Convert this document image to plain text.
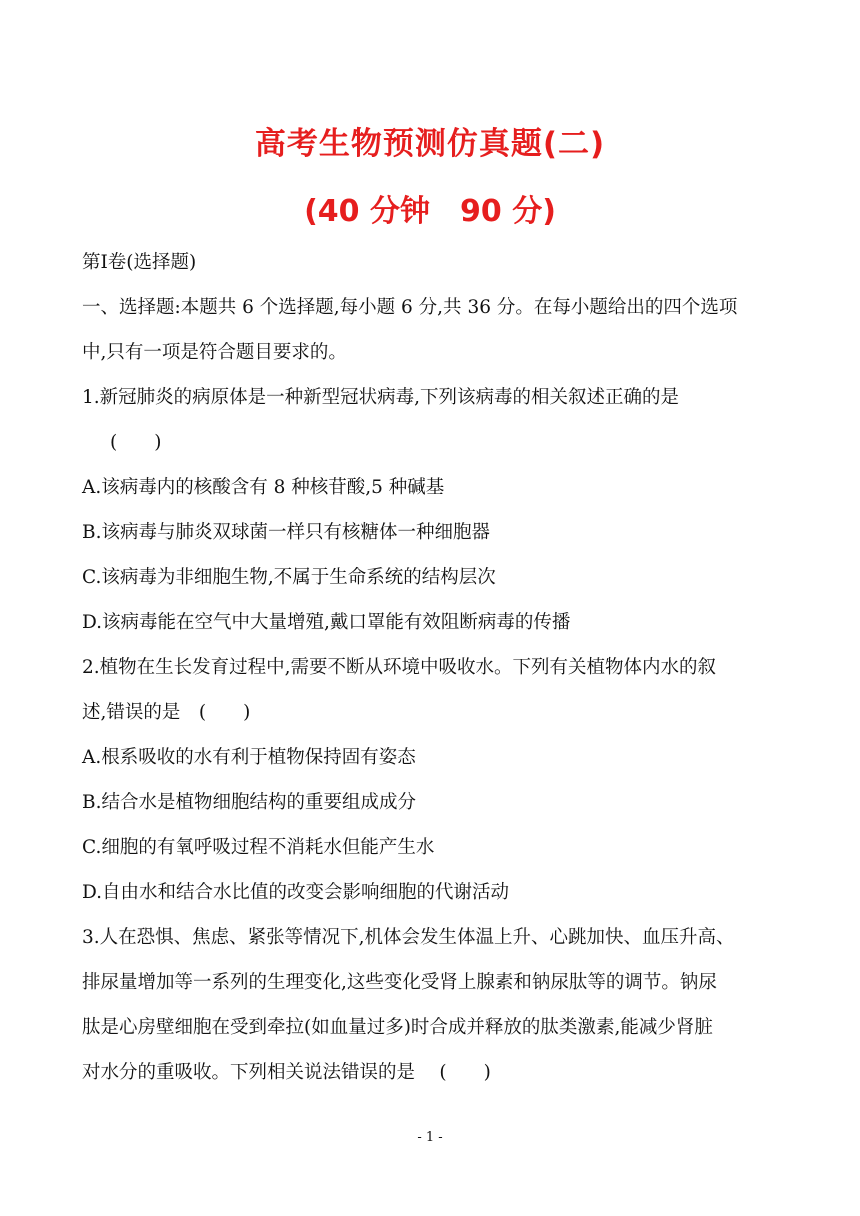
高考生物预测仿真题(二)
(40 分钟　90 分)
第Ⅰ卷(选择题)
一、选择题:本题共 6 个选择题,每小题 6 分,共 36 分。在每小题给出的四个选项
中,只有一项是符合题目要求的。
1.新冠肺炎的病原体是一种新型冠状病毒,下列该病毒的相关叙述正确的是
(　　)
A.该病毒内的核酸含有 8 种核苷酸,5 种碱基
B.该病毒与肺炎双球菌一样只有核糖体一种细胞器
C.该病毒为非细胞生物,不属于生命系统的结构层次
D.该病毒能在空气中大量增殖,戴口罩能有效阻断病毒的传播
2.植物在生长发育过程中,需要不断从环境中吸收水。下列有关植物体内水的叙
述,错误的是　(　　)
A.根系吸收的水有利于植物保持固有姿态
B.结合水是植物细胞结构的重要组成成分
C.细胞的有氧呼吸过程不消耗水但能产生水
D.自由水和结合水比值的改变会影响细胞的代谢活动
3.人在恐惧、焦虑、紧张等情况下,机体会发生体温上升、心跳加快、血压升高、
排尿量增加等一系列的生理变化,这些变化受肾上腺素和钠尿肽等的调节。钠尿
肽是心房壁细胞在受到牵拉(如血量过多)时合成并释放的肽类激素,能减少肾脏
对水分的重吸收。下列相关说法错误的是　 (　　)
- 1 -
